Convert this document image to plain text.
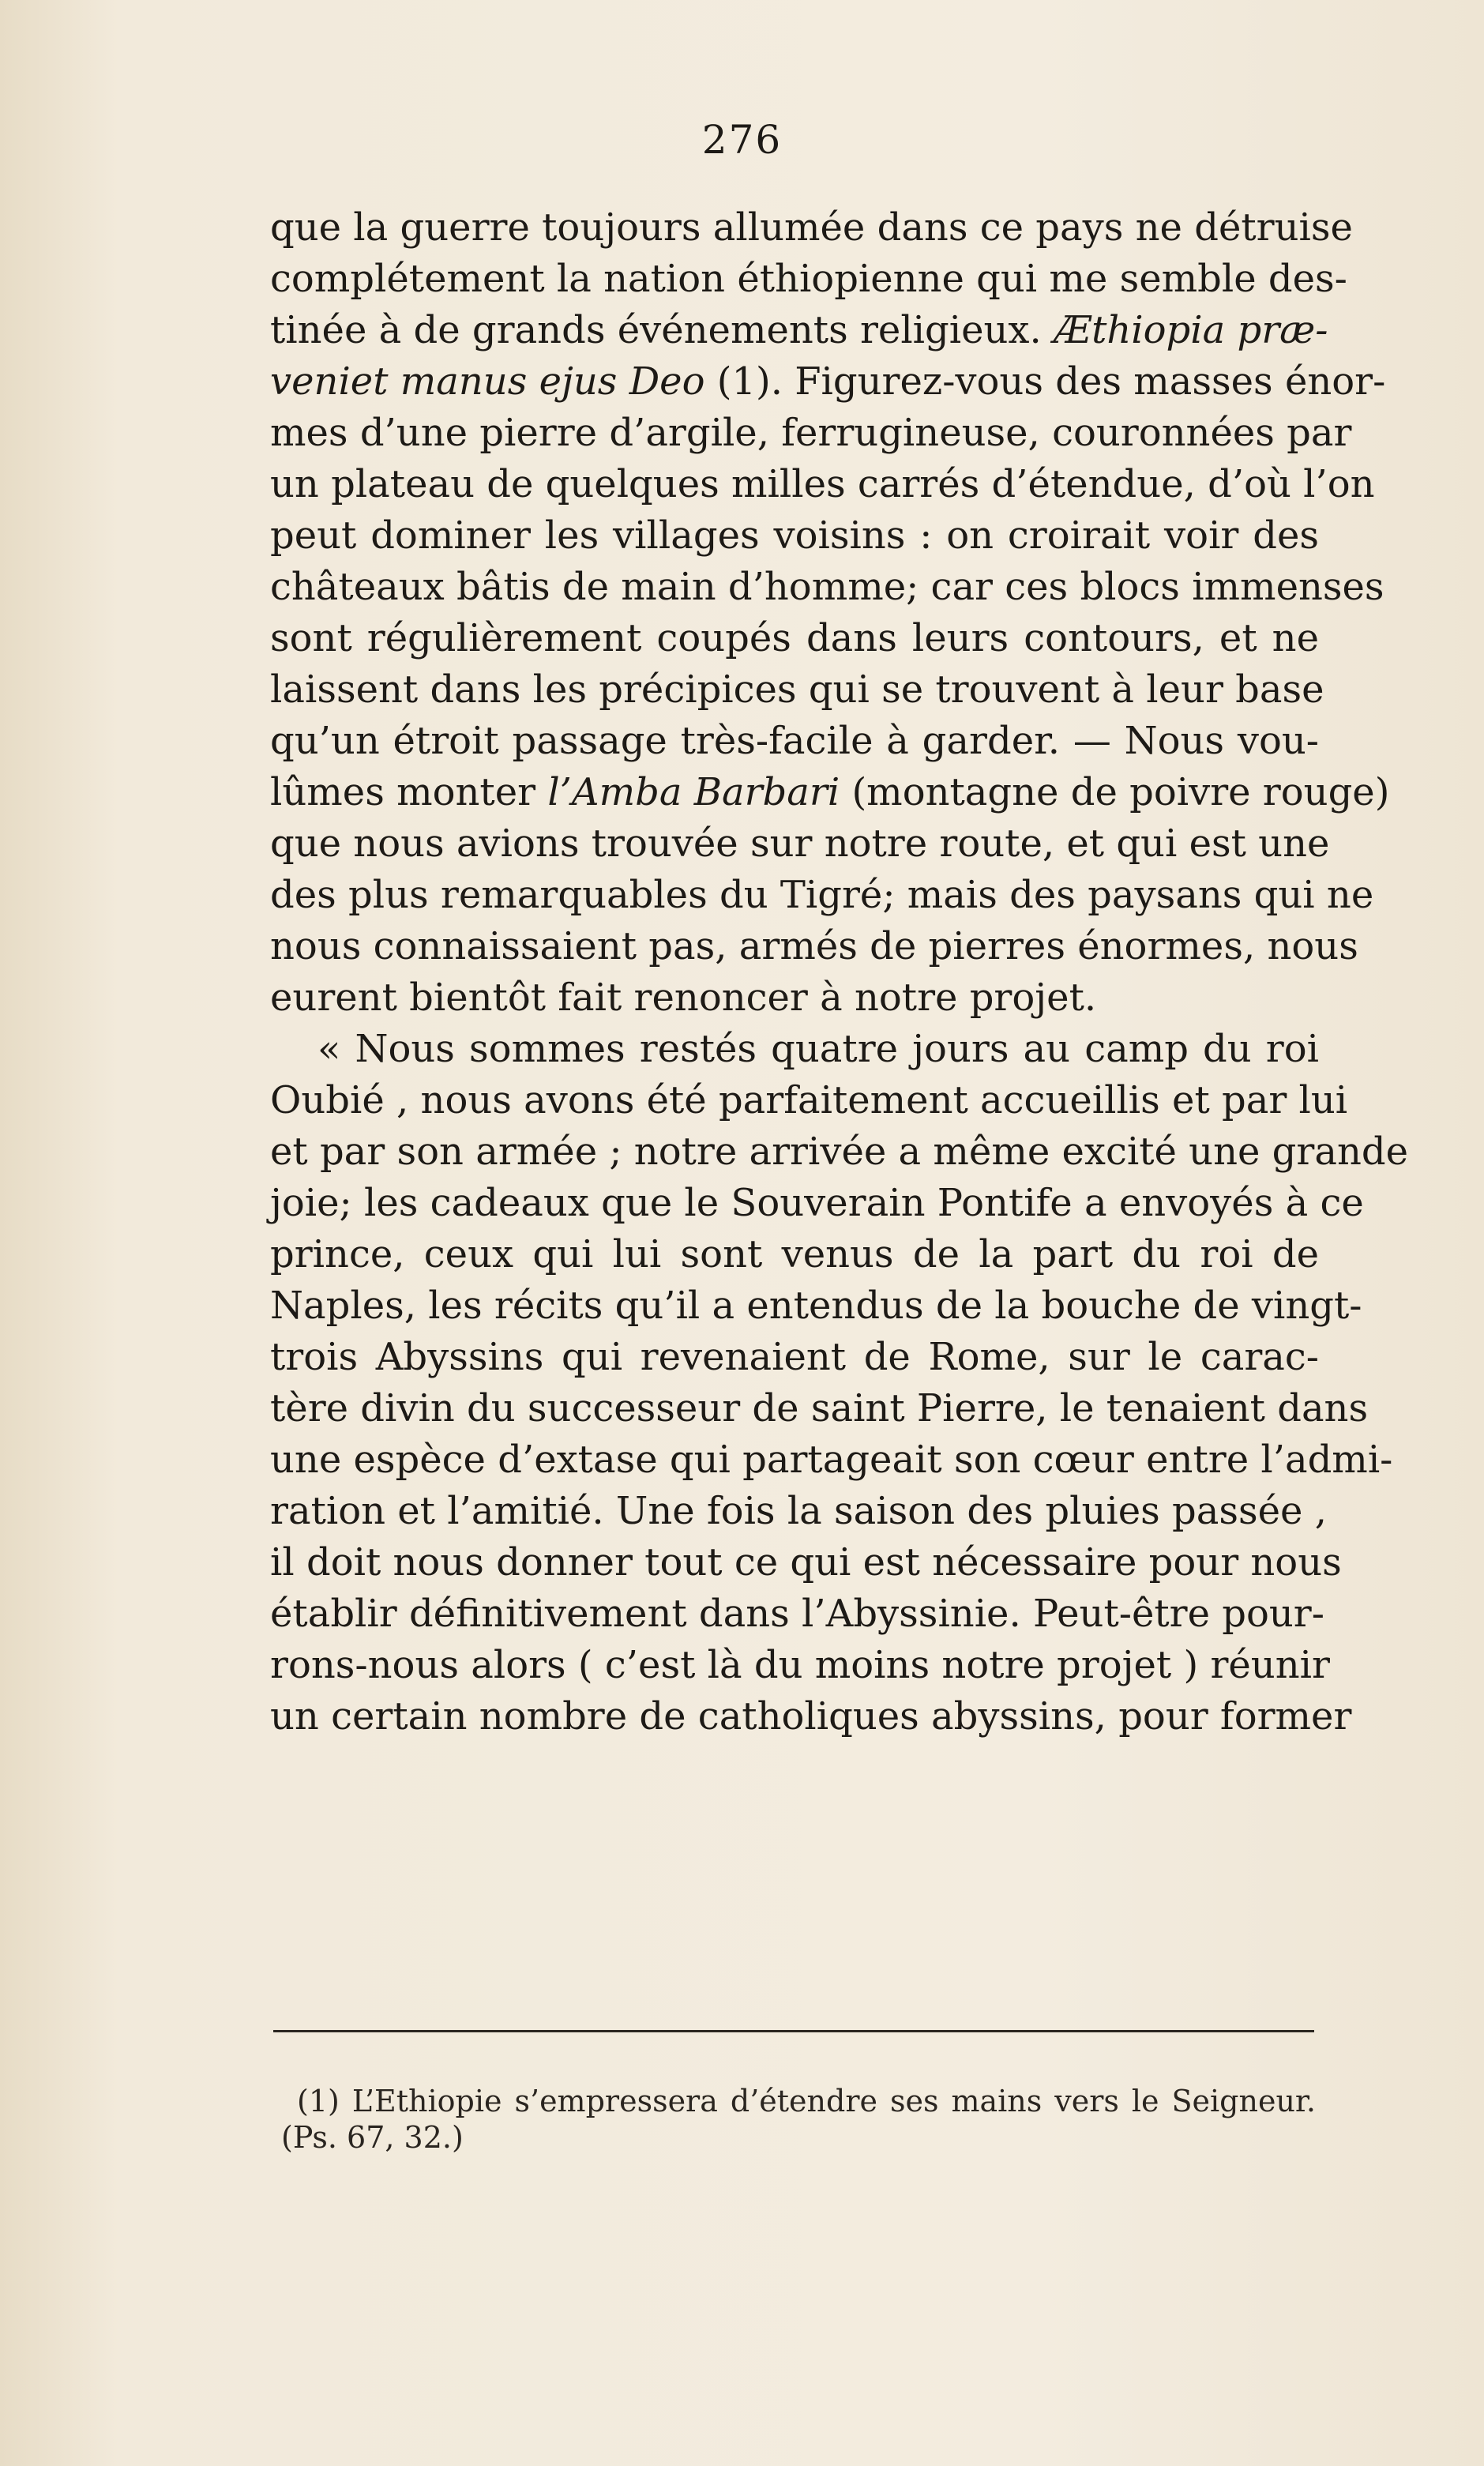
276
que la guerre toujours allumée dans ce pays ne détruise
complétement la nation éthiopienne qui me semble des-
tinée à de grands événements religieux. Æthiopia præ-
veniet manus ejus Deo (1). Figurez-vous des masses énor-
mes d’une pierre d’argile, ferrugineuse, couronnées par
un plateau de quelques milles carrés d’étendue, d’où l’on
peut dominer les villages voisins : on croirait voir des
châteaux bâtis de main d’homme; car ces blocs immenses
sont régulièrement coupés dans leurs contours, et ne
laissent dans les précipices qui se trouvent à leur base
qu’un étroit passage très-facile à garder. — Nous vou-
lûmes monter l’Amba Barbari (montagne de poivre rouge)
que nous avions trouvée sur notre route, et qui est une
des plus remarquables du Tigré; mais des paysans qui ne
nous connaissaient pas, armés de pierres énormes, nous
eurent bientôt fait renoncer à notre projet.
« Nous sommes restés quatre jours au camp du roi
Oubié , nous avons été parfaitement accueillis et par lui
et par son armée ; notre arrivée a même excité une grande
joie; les cadeaux que le Souverain Pontife a envoyés à ce
prince, ceux qui lui sont venus de la part du roi de
Naples, les récits qu’il a entendus de la bouche de vingt-
trois Abyssins qui revenaient de Rome, sur le carac-
tère divin du successeur de saint Pierre, le tenaient dans
une espèce d’extase qui partageait son cœur entre l’admi-
ration et l’amitié. Une fois la saison des pluies passée ,
il doit nous donner tout ce qui est nécessaire pour nous
établir définitivement dans l’Abyssinie. Peut-être pour-
rons-nous alors ( c’est là du moins notre projet ) réunir
un certain nombre de catholiques abyssins, pour former
(1) L’Ethiopie s’empressera d’étendre ses mains vers le Seigneur.
(Ps. 67, 32.)
